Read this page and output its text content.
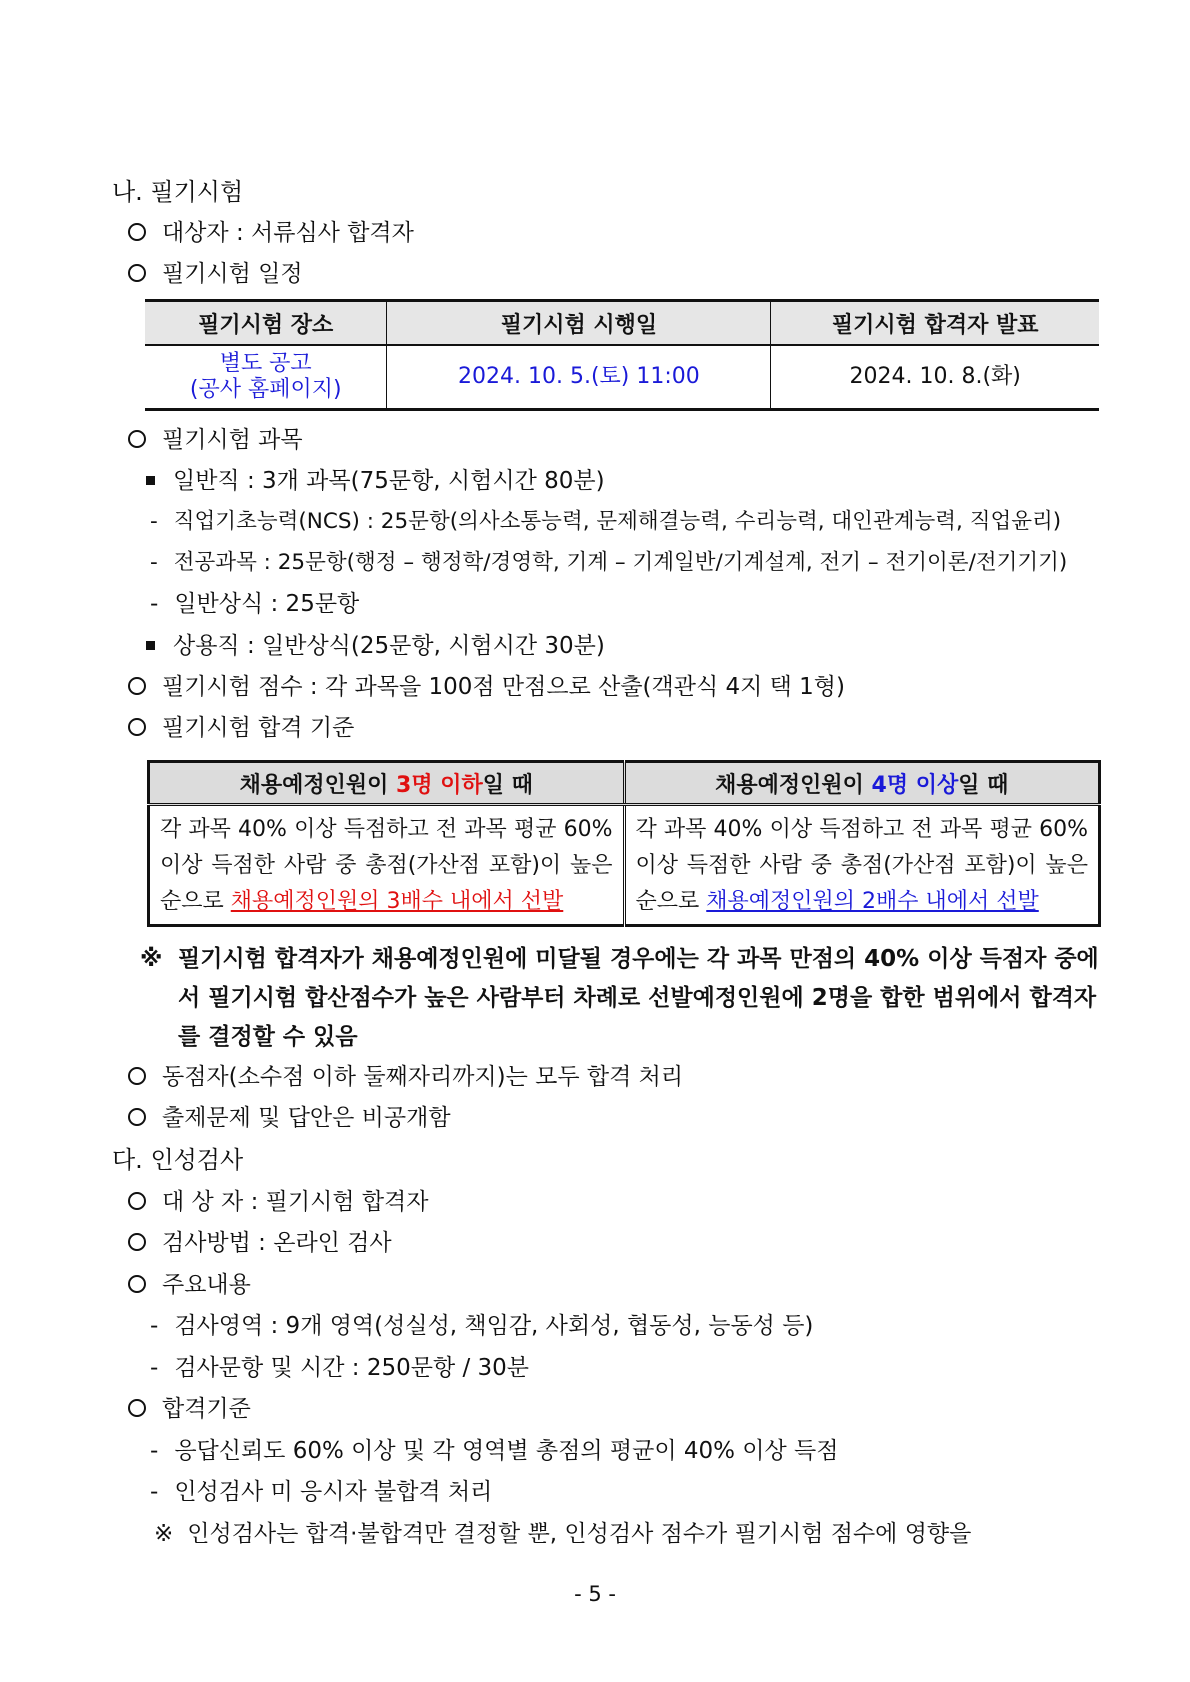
나. 필기시험
대상자 : 서류심사 합격자
필기시험 일정
필기시험 장소	필기시험 시행일	필기시험 합격자 발표

별도 공고
(공사 홈페이지)	2024. 10. 5.(토) 11:00	2024. 10. 8.(화)
필기시험 과목
일반직 : 3개 과목(75문항, 시험시간 80분)
- 직업기초능력(NCS) : 25문항(의사소통능력, 문제해결능력, 수리능력, 대인관계능력, 직업윤리)
- 전공과목 : 25문항(행정 – 행정학/경영학, 기계 – 기계일반/기계설계, 전기 – 전기이론/전기기기)
- 일반상식 : 25문항
상용직 : 일반상식(25문항, 시험시간 30분)
필기시험 점수 : 각 과목을 100점 만점으로 산출(객관식 4지 택 1형)
필기시험 합격 기준
채용예정인원이 3명 이하일 때	채용예정인원이 4명 이상일 때
각 과목 40% 이상 득점하고 전 과목 평균 60% 이상 득점한 사람 중 총점(가산점 포함)이 높은 순으로 채용예정인원의 3배수 내에서 선발	각 과목 40% 이상 득점하고 전 과목 평균 60% 이상 득점한 사람 중 총점(가산점 포함)이 높은 순으로 채용예정인원의 2배수 내에서 선발
※ 필기시험 합격자가 채용예정인원에 미달될 경우에는 각 과목 만점의 40% 이상 득점자 중에서 필기시험 합산점수가 높은 사람부터 차례로 선발예정인원에 2명을 합한 범위에서 합격자를 결정할 수 있음
동점자(소수점 이하 둘째자리까지)는 모두 합격 처리
출제문제 및 답안은 비공개함
다. 인성검사
대 상 자 : 필기시험 합격자
검사방법 : 온라인 검사
주요내용
- 검사영역 : 9개 영역(성실성, 책임감, 사회성, 협동성, 능동성 등)
- 검사문항 및 시간 : 250문항 / 30분
합격기준
- 응답신뢰도 60% 이상 및 각 영역별 총점의 평균이 40% 이상 득점
- 인성검사 미 응시자 불합격 처리
※ 인성검사는 합격·불합격만 결정할 뿐, 인성검사 점수가 필기시험 점수에 영향을
- 5 -
